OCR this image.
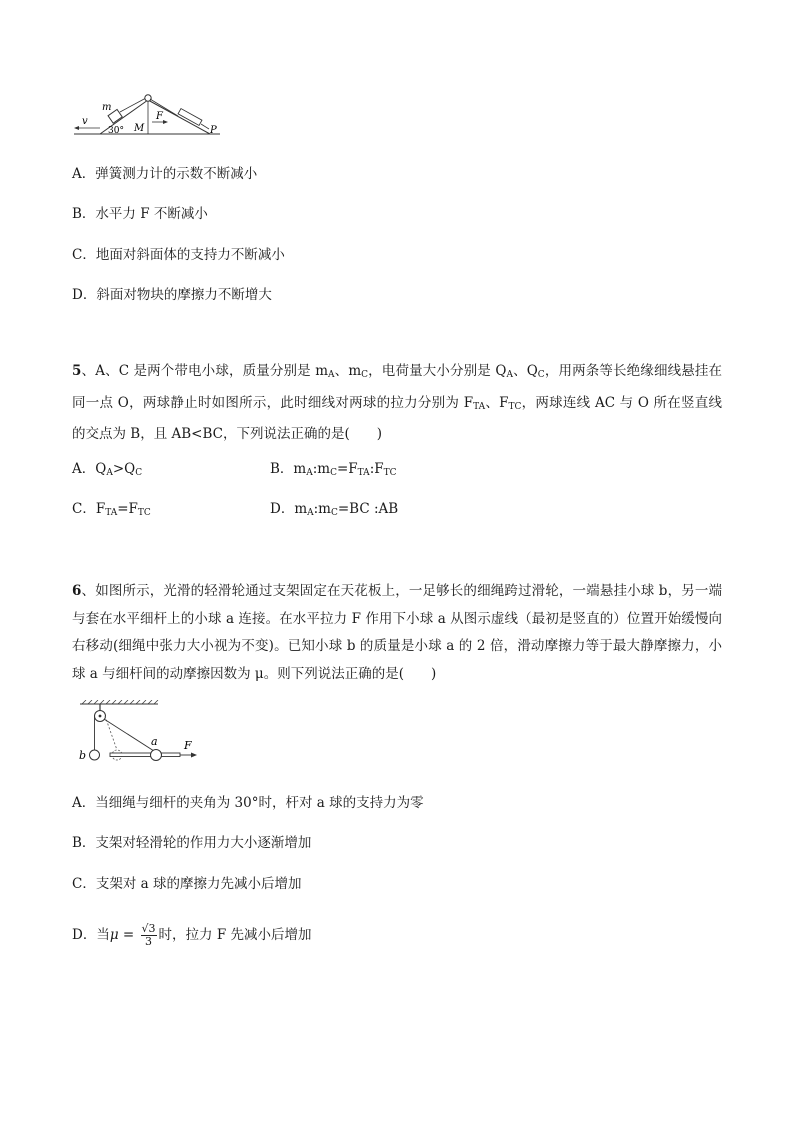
m
v
30° M
F
P
A．弹簧测力计的示数不断减小
B．水平力 F 不断减小
C．地面对斜面体的支持力不断减小
D．斜面对物块的摩擦力不断增大
5、A、C 是两个带电小球，质量分别是 $m_A$、$m_C$，电荷量大小分别是 $Q_A$、$Q_C$，用两条等长绝缘细线悬挂在同一点 O，两球静止时如图所示，此时细线对两球的拉力分别为 $F_{TA}$、$F_{TC}$，两球连线 AC 与 O 所在竖直线的交点为 B，且 AB<BC，下列说法正确的是(　　)
A．$Q_A>Q_C$	B．$m_A:m_C=F_{TA}:F_{TC}$
C．$F_{TA}=F_{TC}$	D．$m_A:m_C=BC$ :AB
6、如图所示，光滑的轻滑轮通过支架固定在天花板上，一足够长的细绳跨过滑轮，一端悬挂小球 b，另一端与套在水平细杆上的小球 a 连接。在水平拉力 F 作用下小球 a 从图示虚线（最初是竖直的）位置开始缓慢向右移动(细绳中张力大小视为不变)。已知小球 b 的质量是小球 a 的 2 倍，滑动摩擦力等于最大静摩擦力，小球 a 与细杆间的动摩擦因数为 μ。则下列说法正确的是(　　)
b
a F
A．当细绳与细杆的夹角为 30°时，杆对 a 球的支持力为零
B．支架对轻滑轮的作用力大小逐渐增加
C．支架对 a 球的摩擦力先减小后增加
D．当$\mu = \frac{√3}{3}$ 时，拉力 F 先减小后增加
